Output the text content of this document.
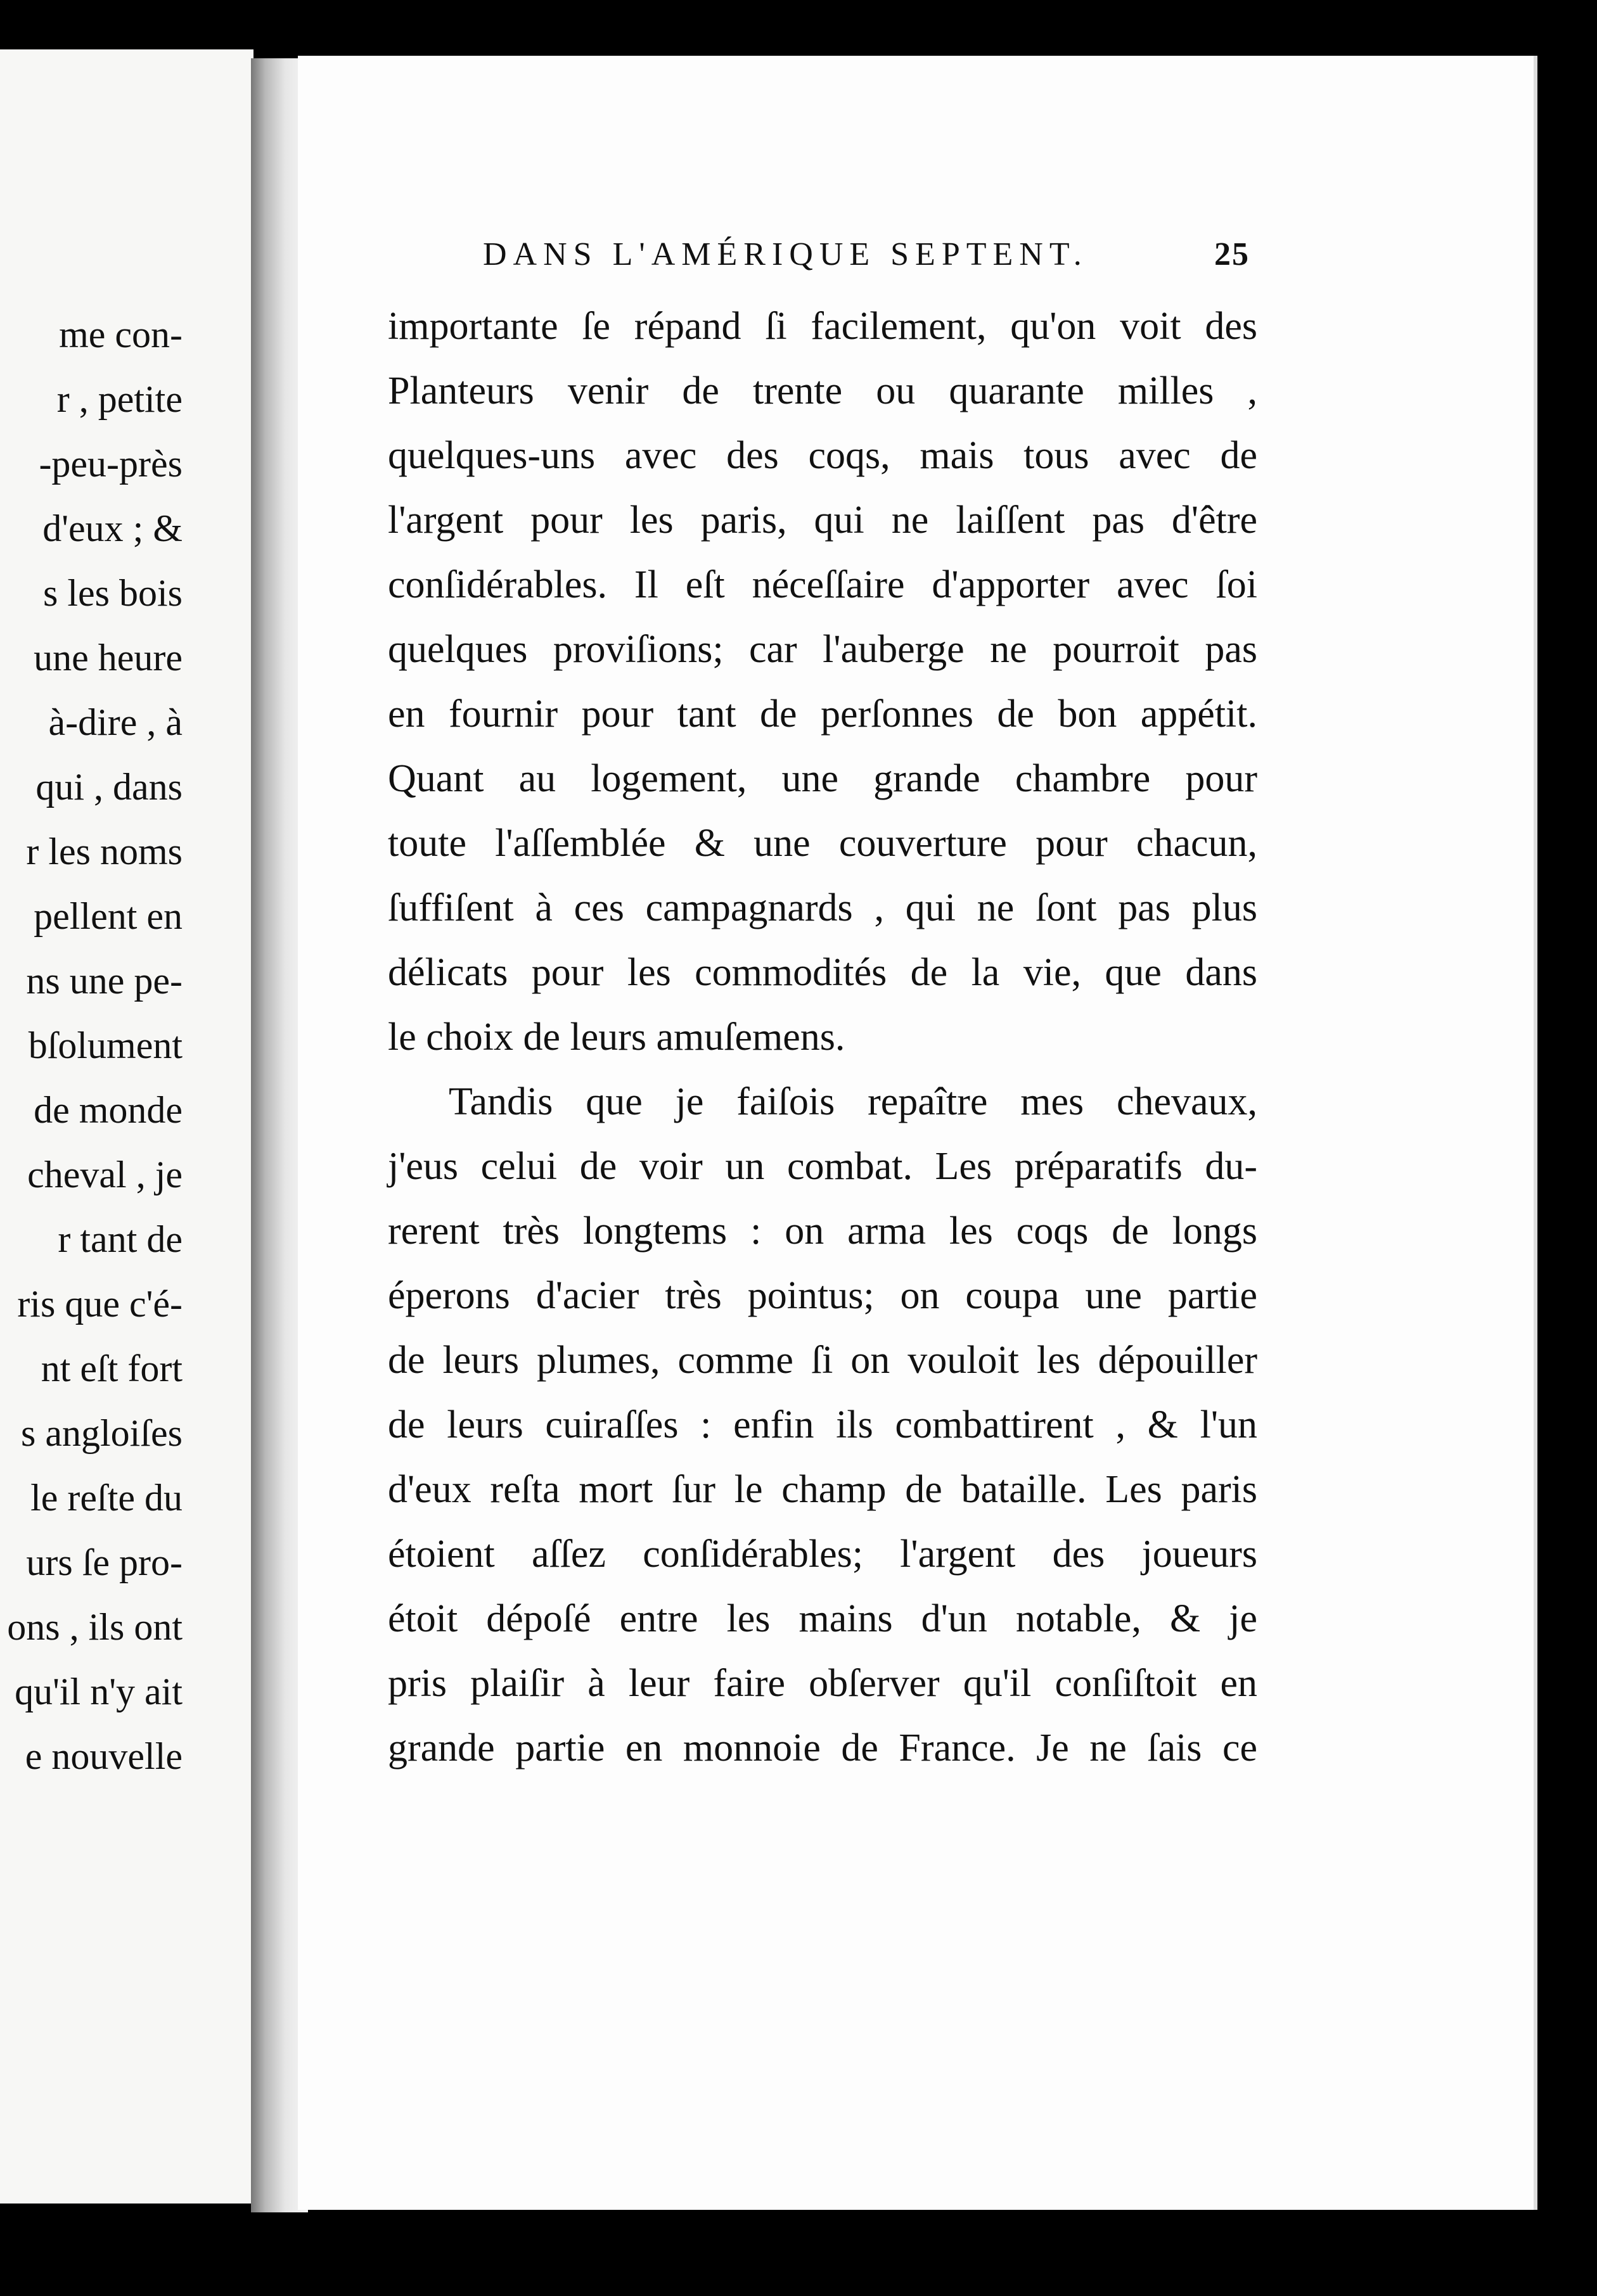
me con-
r , petite
-peu-près
d'eux ; &
s les bois
une heure
à-dire , à
qui , dans
r les noms
pellent en
ns une pe-
bſolument
de monde
cheval , je
r tant de
ris que c'é-
nt eſt fort
s angloiſes
le reſte du
urs ſe pro-
ons , ils ont
qu'il n'y ait
e nouvelle
DANS L'AMÉRIQUE SEPTENT.	25
importante ſe répand ſi facilement, qu'on voit des
Planteurs venir de trente ou quarante milles ,
quelques-uns avec des coqs, mais tous avec de
l'argent pour les paris, qui ne laiſſent pas d'être
conſidérables. Il eſt néceſſaire d'apporter avec ſoi
quelques proviſions; car l'auberge ne pourroit pas
en fournir pour tant de perſonnes de bon appétit.
Quant au logement, une grande chambre pour
toute l'aſſemblée & une couverture pour chacun,
ſuffiſent à ces campagnards , qui ne ſont pas plus
délicats pour les commodités de la vie, que dans
le choix de leurs amuſemens.
Tandis que je faiſois repaître mes chevaux,
j'eus celui de voir un combat. Les préparatifs du-
rerent très longtems : on arma les coqs de longs
éperons d'acier très pointus; on coupa une partie
de leurs plumes, comme ſi on vouloit les dépouiller
de leurs cuiraſſes : enfin ils combattirent , & l'un
d'eux reſta mort ſur le champ de bataille. Les paris
étoient aſſez conſidérables; l'argent des joueurs
étoit dépoſé entre les mains d'un notable, & je
pris plaiſir à leur faire obſerver qu'il conſiſtoit en
grande partie en monnoie de France. Je ne ſais ce
